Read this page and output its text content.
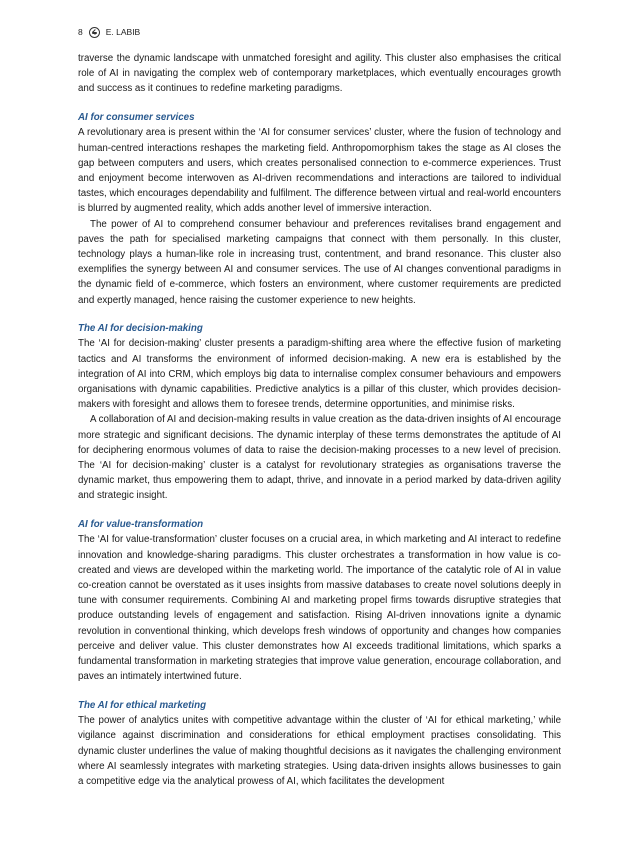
8	E. LABIB

traverse the dynamic landscape with unmatched foresight and agility. This cluster also emphasises the critical role of AI in navigating the complex web of contemporary marketplaces, which eventually encourages growth and success as it continues to redefine marketing paradigms.

AI for consumer services

A revolutionary area is present within the ‘AI for consumer services’ cluster, where the fusion of technology and human-centred interactions reshapes the marketing field. Anthropomorphism takes the stage as AI closes the gap between computers and users, which creates personalised connection to e-commerce experiences. Trust and enjoyment become interwoven as AI-driven recommendations and interactions are tailored to individual tastes, which encourages dependability and fulfilment. The difference between virtual and real-world encounters is blurred by augmented reality, which adds another level of immersive interaction.

The power of AI to comprehend consumer behaviour and preferences revitalises brand engagement and paves the path for specialised marketing campaigns that connect with them personally. In this cluster, technology plays a human-like role in increasing trust, contentment, and brand resonance. This cluster also exemplifies the synergy between AI and consumer services. The use of AI changes conventional paradigms in the dynamic field of e-commerce, which fosters an environment, where customer requirements are predicted and expertly managed, hence raising the customer experience to new heights.

The AI for decision-making

The ‘AI for decision-making’ cluster presents a paradigm-shifting area where the effective fusion of marketing tactics and AI transforms the environment of informed decision-making. A new era is established by the integration of AI into CRM, which employs big data to internalise complex consumer behaviours and empowers organisations with dynamic capabilities. Predictive analytics is a pillar of this cluster, which provides decision-makers with foresight and allows them to foresee trends, determine opportunities, and minimise risks.

A collaboration of AI and decision-making results in value creation as the data-driven insights of AI encourage more strategic and significant decisions. The dynamic interplay of these terms demonstrates the aptitude of AI for deciphering enormous volumes of data to raise the decision-making processes to a new level of precision. The ‘AI for decision-making’ cluster is a catalyst for revolutionary strategies as organisations traverse the dynamic market, thus empowering them to adapt, thrive, and innovate in a period marked by data-driven agility and strategic insight.

AI for value-transformation

The ‘AI for value-transformation’ cluster focuses on a crucial area, in which marketing and AI interact to redefine innovation and knowledge-sharing paradigms. This cluster orchestrates a transformation in how value is co-created and views are developed within the marketing world. The importance of the catalytic role of AI in value co-creation cannot be overstated as it uses insights from massive databases to create novel solutions deeply in tune with consumer requirements. Combining AI and marketing propel firms towards disruptive strategies that produce outstanding levels of engagement and satisfaction. Rising AI-driven innovations ignite a dynamic revolution in conventional thinking, which develops fresh windows of opportunity and changes how companies perceive and deliver value. This cluster demonstrates how AI exceeds traditional limitations, which sparks a fundamental transformation in marketing strategies that improve value generation, encourage collaboration, and paves an intimately intertwined future.

The AI for ethical marketing

The power of analytics unites with competitive advantage within the cluster of ‘AI for ethical marketing,’ while vigilance against discrimination and considerations for ethical employment practises consolidating. This dynamic cluster underlines the value of making thoughtful decisions as it navigates the challenging environment where AI seamlessly integrates with marketing strategies. Using data-driven insights allows businesses to gain a competitive edge via the analytical prowess of AI, which facilitates the development
